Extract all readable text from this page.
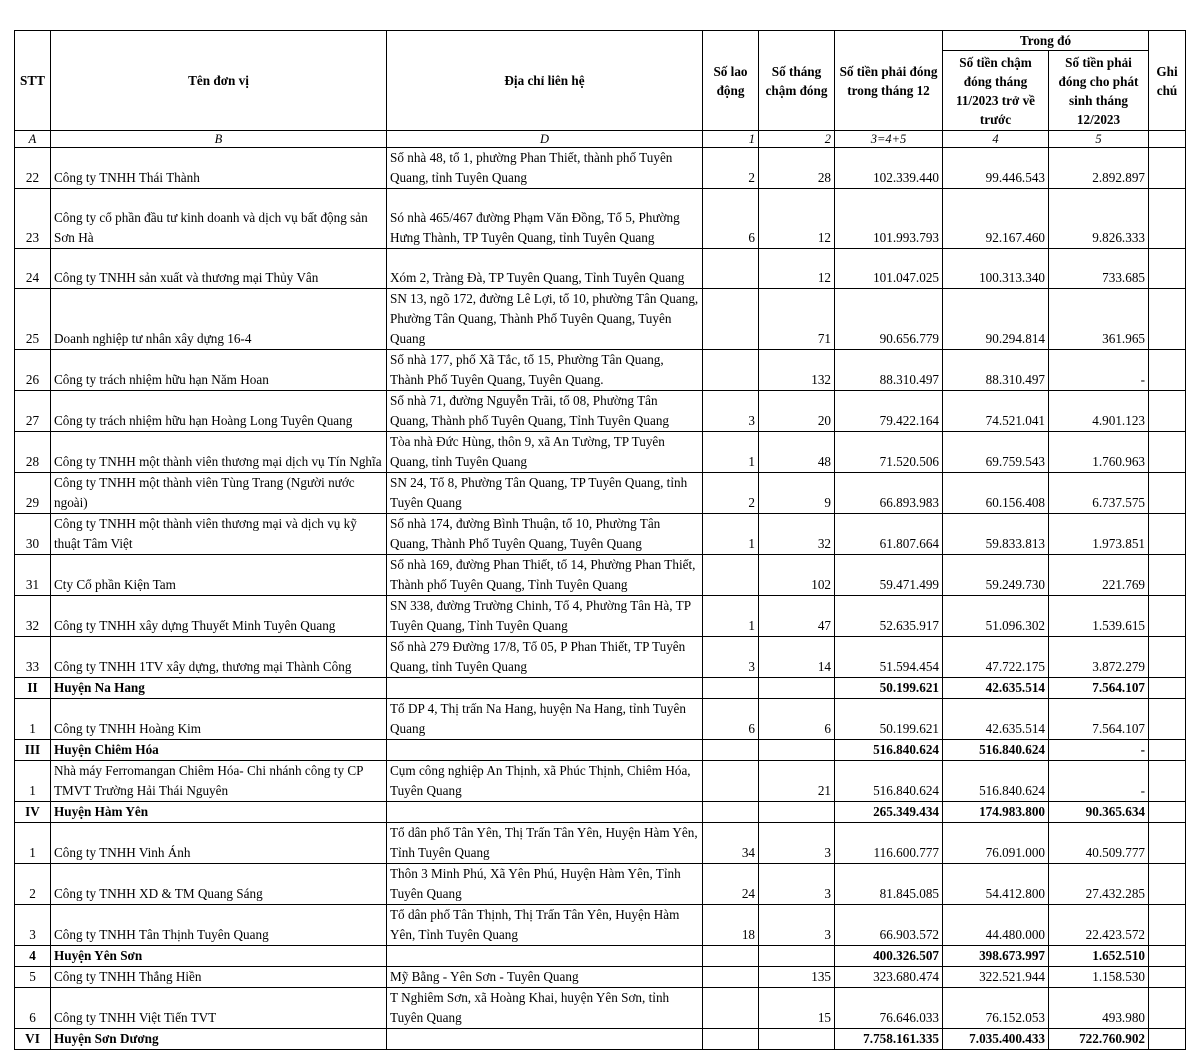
STT	Tên đơn vị	Địa chỉ liên hệ	Số lao động	Số tháng chậm đóng	Số tiền phải đóng trong tháng 12	Trong đó		Ghi chú
						Số tiền chậm đóng tháng 11/2023 trở về trước	Số tiền phải đóng cho phát sinh tháng 12/2023	
A	B	D	1	2	3=4+5	4	5	
22	Công ty TNHH Thái Thành	Số nhà 48, tổ 1, phường Phan Thiết, thành phố Tuyên Quang, tỉnh Tuyên Quang	2	28	102.339.440	99.446.543	2.892.897	
23	Công ty cổ phần đầu tư kinh doanh và dịch vụ bất động sản Sơn Hà	Só nhà 465/467 đường Phạm Văn Đồng, Tổ 5, Phường Hưng Thành, TP Tuyên Quang, tỉnh Tuyên Quang	6	12	101.993.793	92.167.460	9.826.333	
24	Công ty TNHH sản xuất và thương mại Thủy Vân	Xóm 2, Tràng Đà, TP Tuyên Quang, Tỉnh Tuyên Quang		12	101.047.025	100.313.340	733.685	
25	Doanh nghiệp tư nhân xây dựng 16-4	SN 13, ngõ 172, đường Lê Lợi, tổ 10, phường Tân Quang, Phường Tân Quang, Thành Phố Tuyên Quang, Tuyên Quang		71	90.656.779	90.294.814	361.965	
26	Công ty trách nhiệm hữu hạn Năm Hoan	Số nhà 177, phố Xã Tắc, tổ 15, Phường Tân Quang, Thành Phố Tuyên Quang, Tuyên Quang.		132	88.310.497	88.310.497	-	
27	Công ty trách nhiệm hữu hạn Hoàng Long Tuyên Quang	Số nhà 71, đường Nguyễn Trãi, tổ 08, Phường Tân Quang, Thành phố Tuyên Quang, Tỉnh Tuyên Quang	3	20	79.422.164	74.521.041	4.901.123	
28	Công ty TNHH một thành viên thương mại dịch vụ Tín Nghĩa	Tòa nhà Đức Hùng, thôn 9, xã An Tường, TP Tuyên Quang, tỉnh Tuyên Quang	1	48	71.520.506	69.759.543	1.760.963	
29	Công ty TNHH một thành viên Tùng Trang (Người nước ngoài)	SN 24, Tổ 8, Phường Tân Quang, TP Tuyên Quang, tỉnh Tuyên Quang	2	9	66.893.983	60.156.408	6.737.575	
30	Công ty TNHH một thành viên thương mại và dịch vụ kỹ thuật Tâm Việt	Số nhà 174, đường Bình Thuận, tổ 10, Phường Tân Quang, Thành Phố Tuyên Quang, Tuyên Quang	1	32	61.807.664	59.833.813	1.973.851	
31	Cty Cổ phần Kiện Tam	Số nhà 169, đường Phan Thiết, tổ 14, Phường Phan Thiết, Thành phố Tuyên Quang, Tỉnh Tuyên Quang		102	59.471.499	59.249.730	221.769	
32	Công ty TNHH xây dựng Thuyết Minh Tuyên Quang	SN 338, đường Trường Chinh, Tổ 4, Phường Tân Hà, TP Tuyên Quang, Tỉnh Tuyên Quang	1	47	52.635.917	51.096.302	1.539.615	
33	Công ty TNHH 1TV xây dựng, thương mại Thành Công	Số nhà 279 Đường 17/8, Tổ 05, P Phan Thiết, TP Tuyên Quang, tỉnh Tuyên Quang	3	14	51.594.454	47.722.175	3.872.279	
II	Huyện Na Hang				50.199.621	42.635.514	7.564.107	
1	Công ty TNHH Hoàng Kim	Tổ DP 4, Thị trấn Na Hang, huyện Na Hang, tỉnh Tuyên Quang	6	6	50.199.621	42.635.514	7.564.107	
III	Huyện Chiêm Hóa				516.840.624	516.840.624	-	
1	Nhà máy Ferromangan Chiêm Hóa- Chi nhánh công ty CP TMVT Trường Hải Thái Nguyên	Cụm công nghiệp An Thịnh, xã Phúc Thịnh, Chiêm Hóa, Tuyên Quang		21	516.840.624	516.840.624	-	
IV	Huyện Hàm Yên				265.349.434	174.983.800	90.365.634	
1	Công ty TNHH Vinh Ánh	Tổ dân phố Tân Yên, Thị Trấn Tân Yên, Huyện Hàm Yên, Tỉnh Tuyên Quang	34	3	116.600.777	76.091.000	40.509.777	
2	Công ty TNHH XD & TM Quang Sáng	Thôn 3 Minh Phú, Xã Yên Phú, Huyện Hàm Yên, Tỉnh Tuyên Quang	24	3	81.845.085	54.412.800	27.432.285	
3	Công ty TNHH Tân Thịnh Tuyên Quang	Tổ dân phố Tân Thịnh, Thị Trấn Tân Yên, Huyện Hàm Yên, Tỉnh Tuyên Quang	18	3	66.903.572	44.480.000	22.423.572	
4	Huyện Yên Sơn				400.326.507	398.673.997	1.652.510	
5	Công ty TNHH Thắng Hiền	Mỹ Bằng - Yên Sơn - Tuyên Quang		135	323.680.474	322.521.944	1.158.530	
6	Công ty TNHH Việt Tiến TVT	T Nghiêm Sơn, xã Hoàng Khai, huyện Yên Sơn, tỉnh Tuyên Quang		15	76.646.033	76.152.053	493.980	
VI	Huyện Sơn Dương				7.758.161.335	7.035.400.433	722.760.902	
